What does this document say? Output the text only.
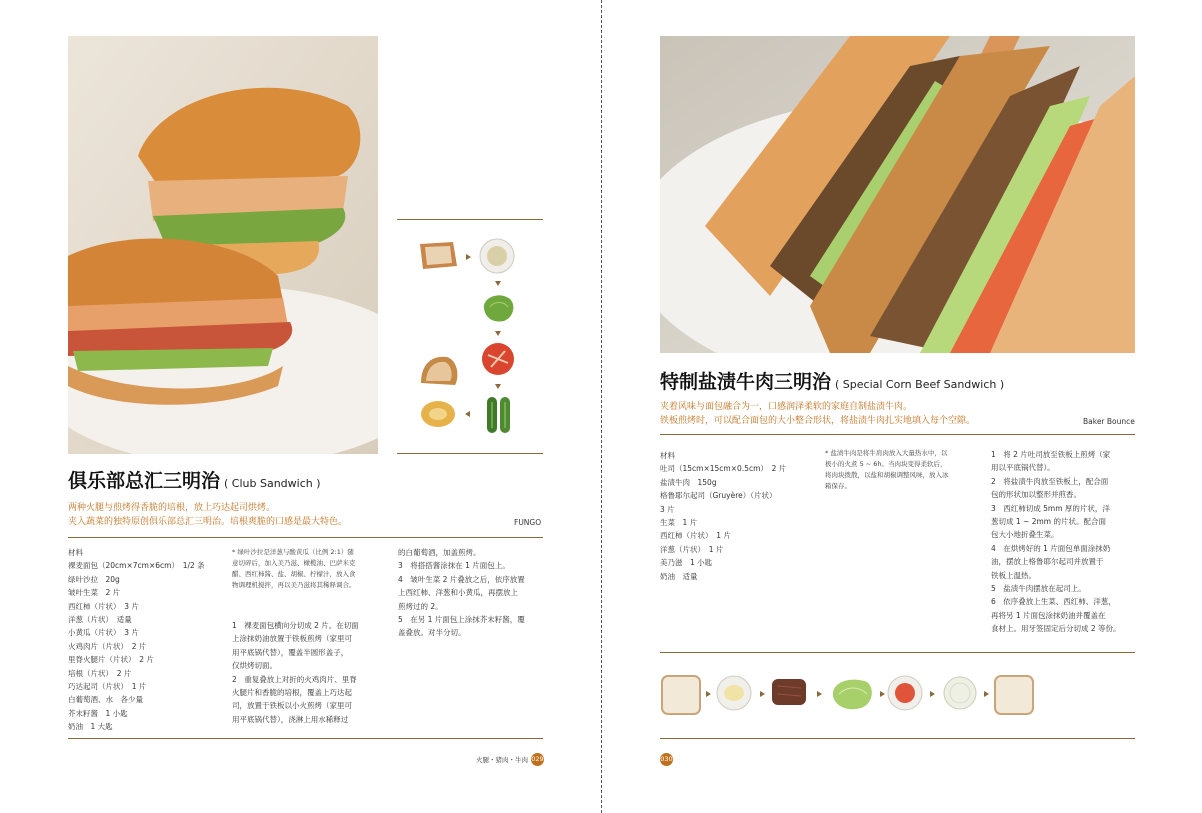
俱乐部总汇三明治 ( Club Sandwich )
两种火腿与煎烤得香脆的培根，放上巧达起司烘烤。
夹入蔬菜的独特原创俱乐部总汇三明治。培根爽脆的口感是最大特色。	FUNGO
材料
裸麦面包（20cm×7cm×6cm）　1/2 条
绿叶沙拉　20g
皱叶生菜　2 片
西红柿（片状）　3 片
洋葱（片状）　适量
小黄瓜（片状）　3 片
火鸡肉片（片状）　2 片
里脊火腿片（片状）　2 片
培根（片状）　2 片
巧达起司（片状）　1 片
白葡萄酒、水　各少量
芥末籽酱　1 小匙
奶油　1 大匙
* 绿叶沙拉是洋葱与酸黄瓜（比例 2:1）随
意切碎后，加入美乃滋、橄榄油、巴萨米克
醋、西红柿酱、盐、胡椒、柠檬汁，放入食
物调理机搅拌，再以美乃滋将其稀释调合。
1　裸麦面包横向分切成 2 片。在切面
上涂抹奶油放置于铁板煎烤（家里可
用平底锅代替），覆盖半圆形盖子，
仅烘烤切面。
2　重复叠放上对折的火鸡肉片、里脊
火腿片和香脆的培根，覆盖上巧达起
司，放置于铁板以小火煎烤（家里可
用平底锅代替），浇淋上用水稀释过
的白葡萄酒，加盖煎烤。
3　将搭搭酱涂抹在 1 片面包上。
4　皱叶生菜 2 片叠放之后，依序放置
上西红柿、洋葱和小黄瓜，再摆放上
煎烤过的 2。
5　在另 1 片面包上涂抹芥末籽酱，覆
盖叠放。对半分切。
火腿・猪肉・牛肉 029
特制盐渍牛肉三明治 ( Special Corn Beef Sandwich )
夹着风味与面包融合为一，口感润泽柔软的家庭自制盐渍牛肉。
铁板煎烤时，可以配合面包的大小整合形状，将盐渍牛肉扎实地填入每个空隙。	Baker Bounce
材料
吐司（15cm×15cm×0.5cm）　2 片
盐渍牛肉　150g
格鲁耶尔起司（Gruyère）（片状）
3 片
生菜　1 片
西红柿（片状）　1 片
洋葱（片状）　1 片
美乃滋　1 小匙
奶油　适量
* 盐渍牛肉是将牛肩肉放入大量热水中，以
极小的火煮 5 ~ 6h。当肉块变得柔软后，
将肉块拨散，以盐和胡椒调整风味，放入冰
箱保存。
1　将 2 片吐司放至铁板上煎烤（家
用以平底锅代替）。
2　将盐渍牛肉放至铁板上，配合面
包的形状加以整形并煎香。
3　西红柿切成 5mm 厚的片状，洋
葱切成 1 ~ 2mm 的片状。配合面
包大小地折叠生菜。
4　在烘烤好的 1 片面包单面涂抹奶
油，摆放上格鲁耶尔起司并放置于
铁板上温热。
5　盐渍牛肉摆放在起司上。
6　依序叠放上生菜、西红柿、洋葱，
再将另 1 片面包涂抹奶油并覆盖在
食材上。用牙签固定后分切成 2 等份。
030
